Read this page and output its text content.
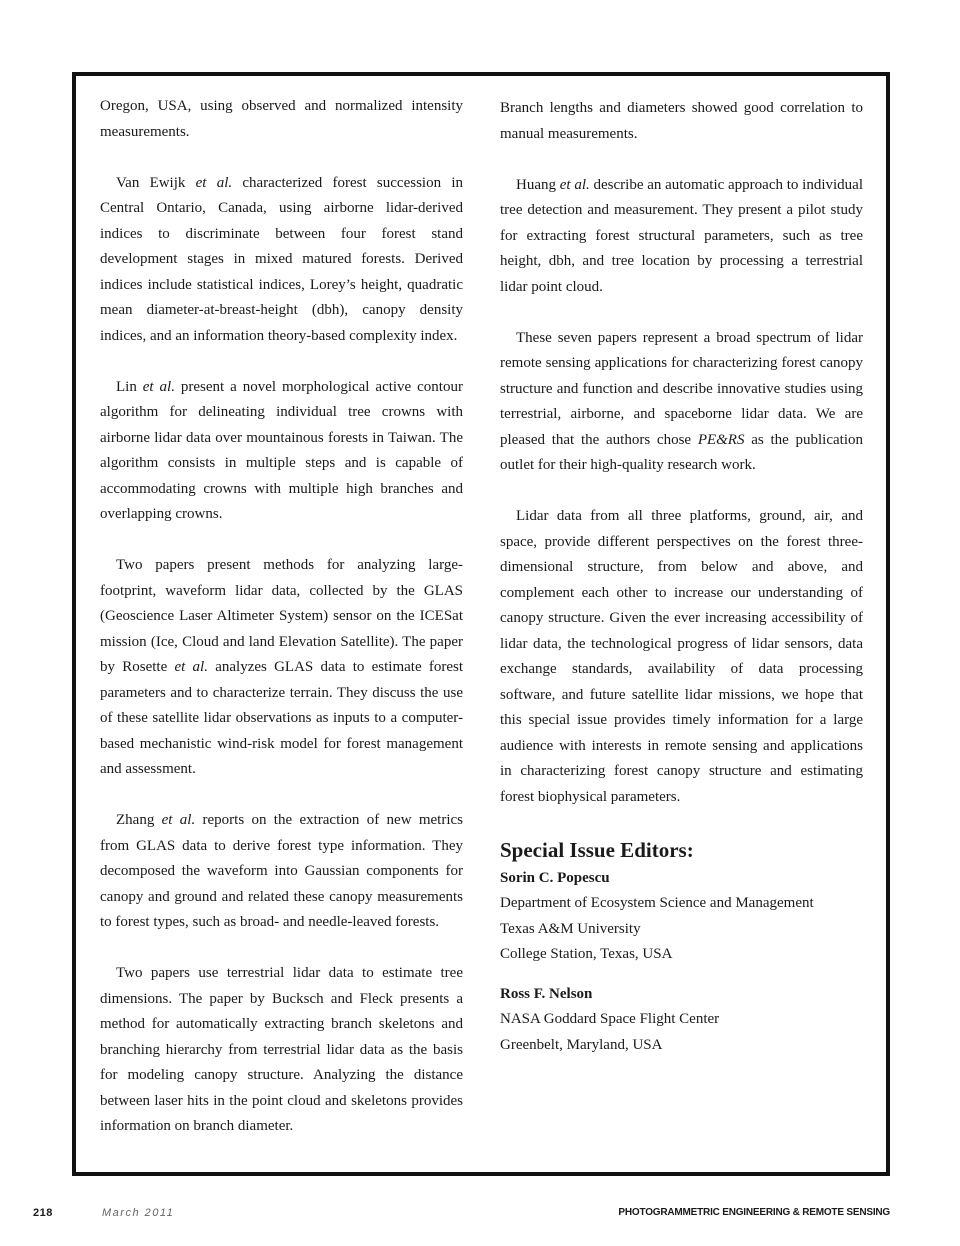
Oregon, USA, using observed and normalized intensity measurements.

Van Ewijk et al. characterized forest succession in Central Ontario, Canada, using airborne lidar-derived indices to discriminate between four forest stand development stages in mixed matured forests. Derived indices include statistical indices, Lorey’s height, quadratic mean diameter-at-breast-height (dbh), canopy density indices, and an information theory-based complexity index.

Lin et al. present a novel morphological active contour algorithm for delineating individual tree crowns with airborne lidar data over mountainous forests in Taiwan. The algorithm consists in multiple steps and is capable of accommodating crowns with multiple high branches and overlapping crowns.

Two papers present methods for analyzing large-footprint, waveform lidar data, collected by the GLAS (Geoscience Laser Altimeter System) sensor on the ICESat mission (Ice, Cloud and land Elevation Satellite). The paper by Rosette et al. analyzes GLAS data to estimate forest parameters and to characterize terrain. They discuss the use of these satellite lidar observations as inputs to a computer-based mechanistic wind-risk model for forest management and assessment.

Zhang et al. reports on the extraction of new metrics from GLAS data to derive forest type information. They decomposed the waveform into Gaussian components for canopy and ground and related these canopy measurements to forest types, such as broad- and needle-leaved forests.

Two papers use terrestrial lidar data to estimate tree dimensions. The paper by Bucksch and Fleck presents a method for automatically extracting branch skeletons and branching hierarchy from terrestrial lidar data as the basis for modeling canopy structure. Analyzing the distance between laser hits in the point cloud and skeletons provides information on branch diameter.

Branch lengths and diameters showed good correlation to manual measurements.

Huang et al. describe an automatic approach to individual tree detection and measurement. They present a pilot study for extracting forest structural parameters, such as tree height, dbh, and tree location by processing a terrestrial lidar point cloud.

These seven papers represent a broad spectrum of lidar remote sensing applications for characterizing forest canopy structure and function and describe innovative studies using terrestrial, airborne, and spaceborne lidar data. We are pleased that the authors chose PE&RS as the publication outlet for their high-quality research work.

Lidar data from all three platforms, ground, air, and space, provide different perspectives on the forest three-dimensional structure, from below and above, and complement each other to increase our understanding of canopy structure. Given the ever increasing accessibility of lidar data, the technological progress of lidar sensors, data exchange standards, availability of data processing software, and future satellite lidar missions, we hope that this special issue provides timely information for a large audience with interests in remote sensing and applications in characterizing forest canopy structure and estimating forest biophysical parameters.

Special Issue Editors:

Sorin C. Popescu

Department of Ecosystem Science and Management

Texas A&M University

College Station, Texas, USA

Ross F. Nelson

NASA Goddard Space Flight Center

Greenbelt, Maryland, USA

218	March 2011	PHOTOGRAMMETRIC ENGINEERING & REMOTE SENSING
